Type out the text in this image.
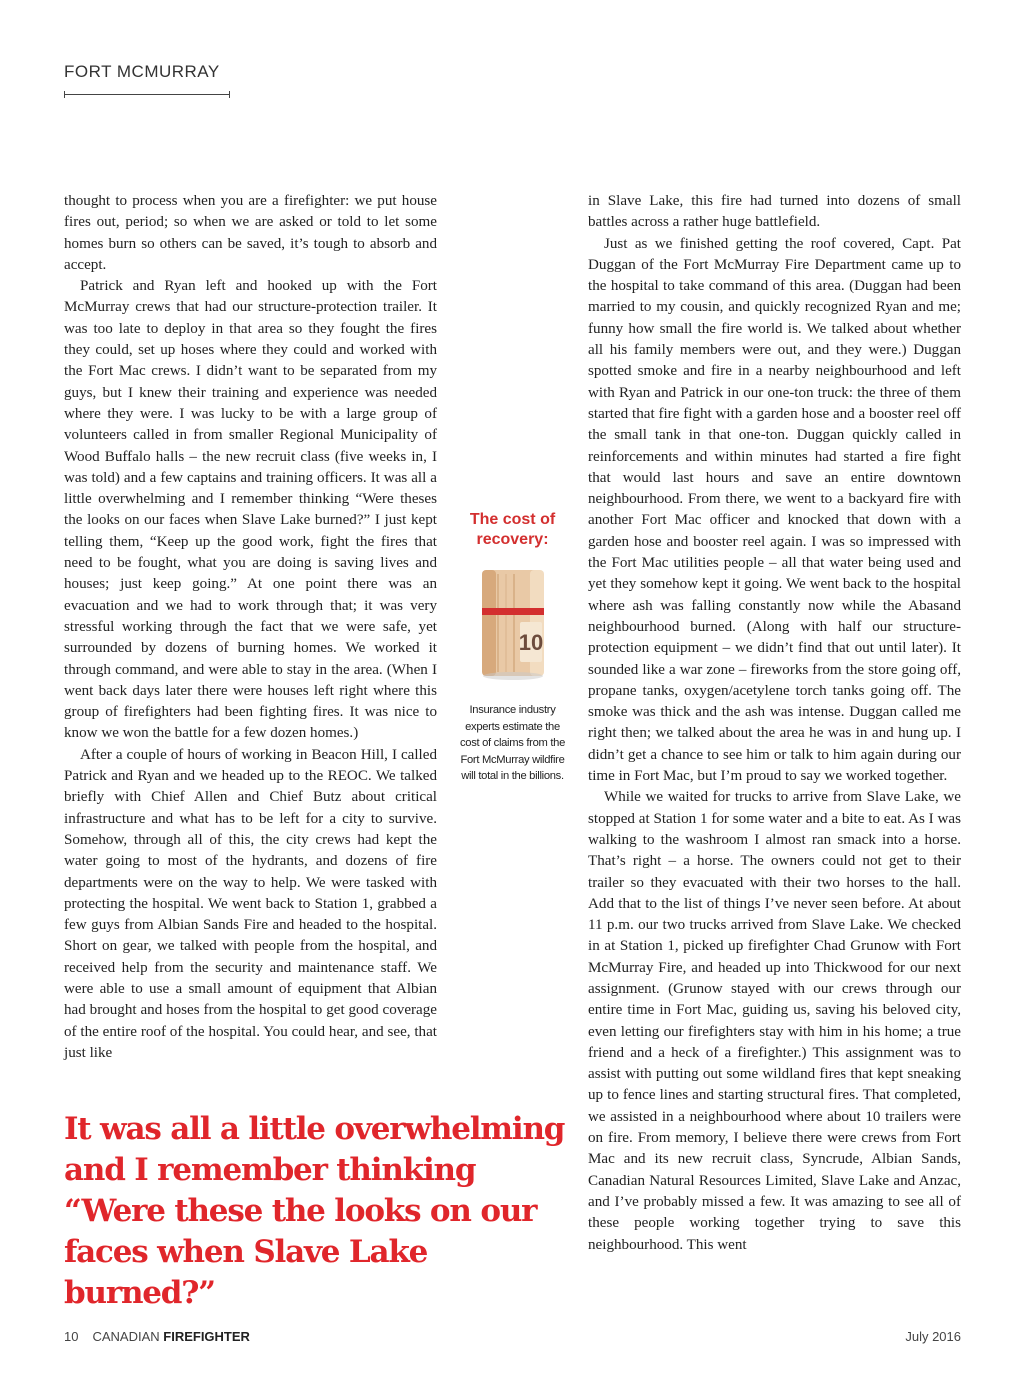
FORT MCMURRAY

thought to process when you are a firefighter: we put house fires out, period; so when we are asked or told to let some homes burn so others can be saved, it’s tough to absorb and accept.

Patrick and Ryan left and hooked up with the Fort McMurray crews that had our structure-protection trailer. It was too late to deploy in that area so they fought the fires they could, set up hoses where they could and worked with the Fort Mac crews. I didn’t want to be separated from my guys, but I knew their training and experience was needed where they were. I was lucky to be with a large group of volunteers called in from smaller Regional Municipality of Wood Buffalo halls – the new recruit class (five weeks in, I was told) and a few captains and training officers. It was all a little overwhelming and I remember thinking “Were theses the looks on our faces when Slave Lake burned?” I just kept telling them, “Keep up the good work, fight the fires that need to be fought, what you are doing is saving lives and houses; just keep going.” At one point there was an evacuation and we had to work through that; it was very stressful working through the fact that we were safe, yet surrounded by dozens of burning homes. We worked it through command, and were able to stay in the area. (When I went back days later there were houses left right where this group of firefighters had been fighting fires. It was nice to know we won the battle for a few dozen homes.)

After a couple of hours of working in Beacon Hill, I called Patrick and Ryan and we headed up to the REOC. We talked briefly with Chief Allen and Chief Butz about critical infrastructure and what has to be left for a city to survive. Somehow, through all of this, the city crews had kept the water going to most of the hydrants, and dozens of fire departments were on the way to help. We were tasked with protecting the hospital. We went back to Station 1, grabbed a few guys from Albian Sands Fire and headed to the hospital. Short on gear, we talked with people from the hospital, and received help from the security and maintenance staff. We were able to use a small amount of equipment that Albian had brought and hoses from the hospital to get good coverage of the entire roof of the hospital. You could hear, and see, that just like

The cost of recovery:
10
Insurance industry experts estimate the cost of claims from the Fort McMurray wildfire will total in the billions.

in Slave Lake, this fire had turned into dozens of small battles across a rather huge battlefield.

Just as we finished getting the roof covered, Capt. Pat Duggan of the Fort McMurray Fire Department came up to the hospital to take command of this area. (Duggan had been married to my cousin, and quickly recognized Ryan and me; funny how small the fire world is. We talked about whether all his family members were out, and they were.) Duggan spotted smoke and fire in a nearby neighbourhood and left with Ryan and Patrick in our one-ton truck: the three of them started that fire fight with a garden hose and a booster reel off the small tank in that one-ton. Duggan quickly called in reinforcements and within minutes had started a fire fight that would last hours and save an entire downtown neighbourhood. From there, we went to a backyard fire with another Fort Mac officer and knocked that down with a garden hose and booster reel again. I was so impressed with the Fort Mac utilities people – all that water being used and yet they somehow kept it going. We went back to the hospital where ash was falling constantly now while the Abasand neighbourhood burned. (Along with half our structure-protection equipment – we didn’t find that out until later). It sounded like a war zone – fireworks from the store going off, propane tanks, oxygen/acetylene torch tanks going off. The smoke was thick and the ash was intense. Duggan called me right then; we talked about the area he was in and hung up. I didn’t get a chance to see him or talk to him again during our time in Fort Mac, but I’m proud to say we worked together.

While we waited for trucks to arrive from Slave Lake, we stopped at Station 1 for some water and a bite to eat. As I was walking to the washroom I almost ran smack into a horse. That’s right – a horse. The owners could not get to their trailer so they evacuated with their two horses to the hall. Add that to the list of things I’ve never seen before. At about 11 p.m. our two trucks arrived from Slave Lake. We checked in at Station 1, picked up firefighter Chad Grunow with Fort McMurray Fire, and headed up into Thickwood for our next assignment. (Grunow stayed with our crews through our entire time in Fort Mac, guiding us, saving his beloved city, even letting our firefighters stay with him in his home; a true friend and a heck of a firefighter.) This assignment was to assist with putting out some wildland fires that kept sneaking up to fence lines and starting structural fires. That completed, we assisted in a neighbourhood where about 10 trailers were on fire. From memory, I believe there were crews from Fort Mac and its new recruit class, Syncrude, Albian Sands, Canadian Natural Resources Limited, Slave Lake and Anzac, and I’ve probably missed a few. It was amazing to see all of these people working together trying to save this neighbourhood. This went

It was all a little overwhelming and I remember thinking “Were these the looks on our faces when Slave Lake burned?”
10 CANADIAN FIREFIGHTER	July 2016
